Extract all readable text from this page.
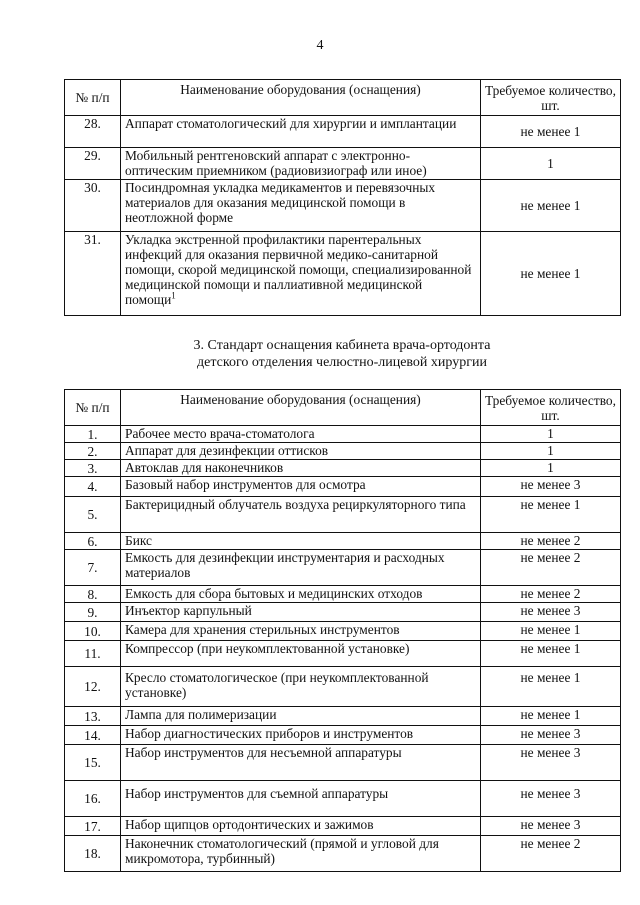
4
№ п/п	Наименование оборудования (оснащения)	Требуемое количество, шт.
28.	Аппарат стоматологический для хирургии и имплантации	не менее 1
29.	Мобильный рентгеновский аппарат с электронно-оптическим приемником (радиовизиограф или иное)	1
30.	Посиндромная укладка медикаментов и перевязочных материалов для оказания медицинской помощи в неотложной форме	не менее 1
31.	Укладка экстренной профилактики парентеральных инфекций для оказания первичной медико-санитарной помощи, скорой медицинской помощи, специализированной медицинской помощи и паллиативной медицинской помощи$^1$	не менее 1
3. Стандарт оснащения кабинета врача-ортодонта
детского отделения челюстно-лицевой хирургии
№ п/п	Наименование оборудования (оснащения)	Требуемое количество, шт.
1.	Рабочее место врача-стоматолога	1
2.	Аппарат для дезинфекции оттисков	1
3.	Автоклав для наконечников	1
4.	Базовый набор инструментов для осмотра	не менее 3
5.	Бактерицидный облучатель воздуха рециркуляторного типа	не менее 1
6.	Бикс	не менее 2
7.	Емкость для дезинфекции инструментария и расходных материалов	не менее 2
8.	Емкость для сбора бытовых и медицинских отходов	не менее 2
9.	Инъектор карпульный	не менее 3
10.	Камера для хранения стерильных инструментов	не менее 1
11.	Компрессор (при неукомплектованной установке)	не менее 1
12.	Кресло стоматологическое (при неукомплектованной установке)	не менее 1
13.	Лампа для полимеризации	не менее 1
14.	Набор диагностических приборов и инструментов	не менее 3
15.	Набор инструментов для несъемной аппаратуры	не менее 3
16.	Набор инструментов для съемной аппаратуры	не менее 3
17.	Набор щипцов ортодонтических и зажимов	не менее 3
18.	Наконечник стоматологический (прямой и угловой для микромотора, турбинный)	не менее 2
